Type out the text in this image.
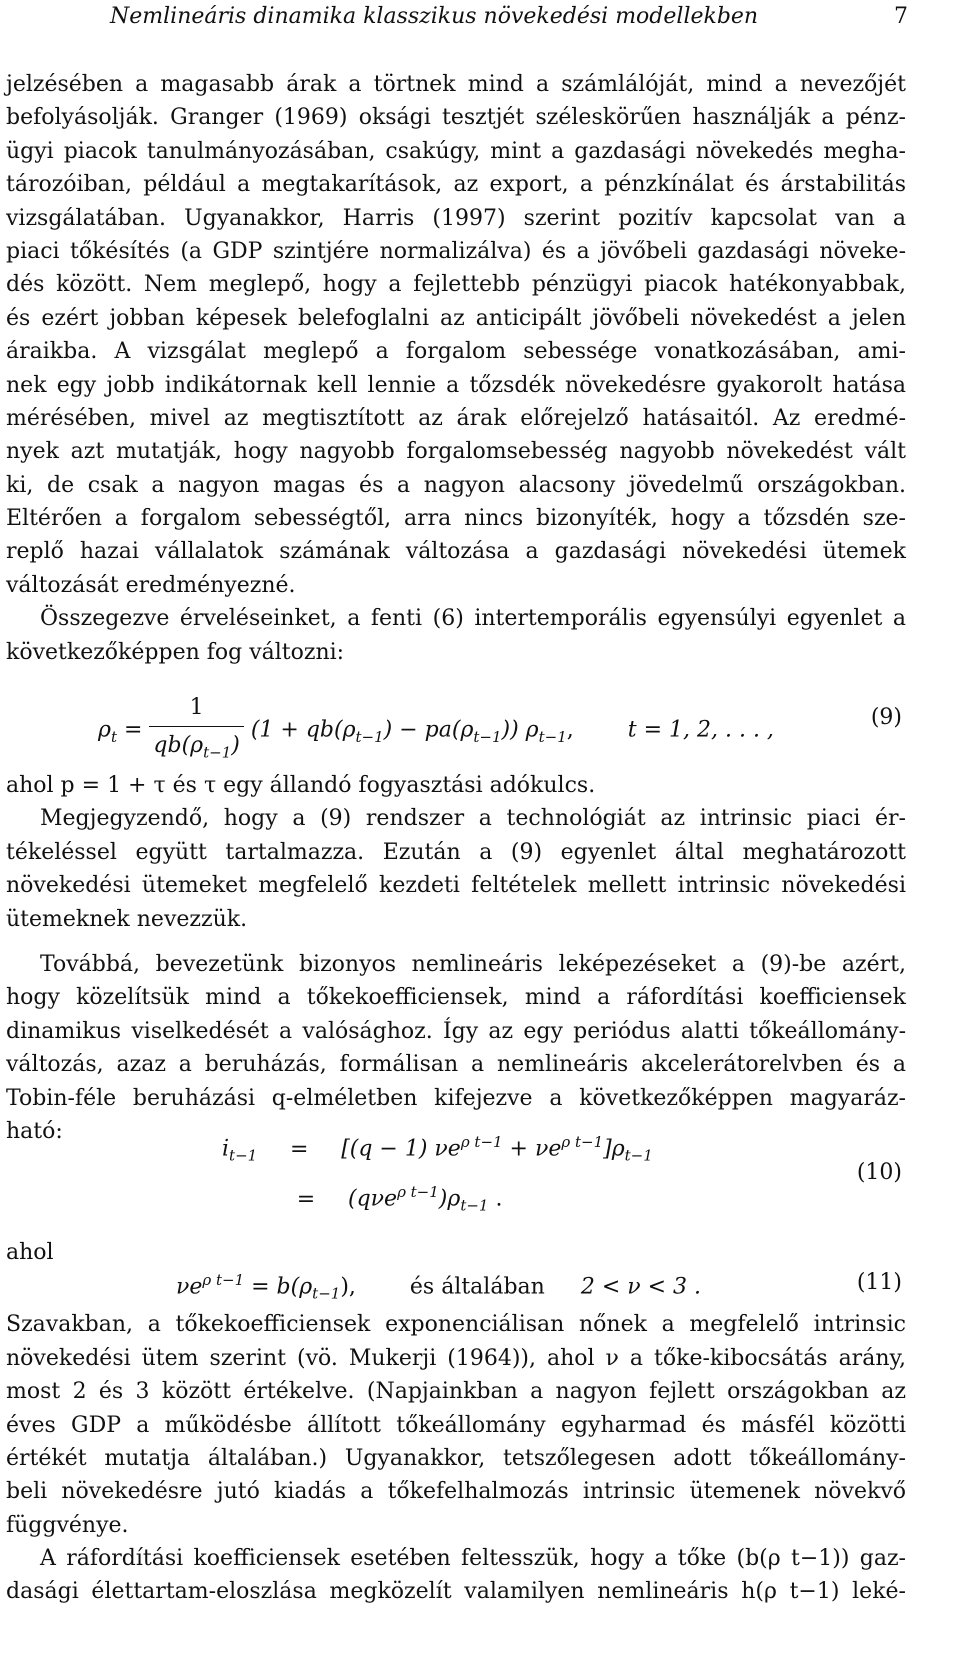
Nemlineáris dinamika klasszikus növekedési modellekben	7
jelzésében a magasabb árak a törtnek mind a számlálóját, mind a nevezőjét
befolyásolják. Granger (1969) oksági tesztjét széleskörűen használják a pénz-
ügyi piacok tanulmányozásában, csakúgy, mint a gazdasági növekedés megha-
tározóiban, például a megtakarítások, az export, a pénzkínálat és árstabilitás
vizsgálatában. Ugyanakkor, Harris (1997) szerint pozitív kapcsolat van a
piaci tőkésítés (a GDP szintjére normalizálva) és a jövőbeli gazdasági növeke-
dés között. Nem meglepő, hogy a fejlettebb pénzügyi piacok hatékonyabbak,
és ezért jobban képesek belefoglalni az anticipált jövőbeli növekedést a jelen
áraikba. A vizsgálat meglepő a forgalom sebessége vonatkozásában, ami-
nek egy jobb indikátornak kell lennie a tőzsdék növekedésre gyakorolt hatása
mérésében, mivel az megtisztított az árak előrejelző hatásaitól. Az eredmé-
nyek azt mutatják, hogy nagyobb forgalomsebesség nagyobb növekedést vált
ki, de csak a nagyon magas és a nagyon alacsony jövedelmű országokban.
Eltérően a forgalom sebességtől, arra nincs bizonyíték, hogy a tőzsdén sze-
replő hazai vállalatok számának változása a gazdasági növekedési ütemek
változását eredményezné.
Összegezve érveléseinket, a fenti (6) intertemporális egyensúlyi egyenlet a
következőképpen fog változni:
$\rho_t = \frac{1}{qb(\rho_{t-1})} (1 + qb(\rho_{t-1}) - pa(\rho_{t-1}))$ $\rho_{t-1}$, t = 1, 2, . . . ,
(9)
ahol p = 1 + τ és τ egy állandó fogyasztási adókulcs.
Megjegyzendő, hogy a (9) rendszer a technológiát az intrinsic piaci ér-
tékeléssel együtt tartalmazza. Ezután a (9) egyenlet által meghatározott
növekedési ütemeket megfelelő kezdeti feltételek mellett intrinsic növekedési
ütemeknek nevezzük.
Továbbá, bevezetünk bizonyos nemlineáris leképezéseket a (9)-be azért,
hogy közelítsük mind a tőkekoefficiensek, mind a ráfordítási koefficiensek
dinamikus viselkedését a valósághoz. Így az egy periódus alatti tőkeállomány-
változás, azaz a beruházás, formálisan a nemlineáris akcelerátorelvben és a
Tobin-féle beruházási q-elméletben kifejezve a következőképpen magyaráz-
ható:
$i_{t-1} = [(q - 1) \nu e^{\rho t-1} + \nu e^{\rho t-1}]\rho_{t-1}$
= $(q\nu e^{\rho t-1})\rho_{t-1}$ .
(10)
ahol
$\nu e^{\rho t-1} = b(\rho_{t-1})$, és általában 2 < ν < 3 .	(11)
Szavakban, a tőkekoefficiensek exponenciálisan nőnek a megfelelő intrinsic
növekedési ütem szerint (vö. Mukerji (1964)), ahol ν a tőke-kibocsátás arány,
most 2 és 3 között értékelve. (Napjainkban a nagyon fejlett országokban az
éves GDP a működésbe állított tőkeállomány egyharmad és másfél közötti
értékét mutatja általában.) Ugyanakkor, tetszőlegesen adott tőkeállomány-
beli növekedésre jutó kiadás a tőkefelhalmozás intrinsic ütemenek növekvő
függvénye.
A ráfordítási koefficiensek esetében feltesszük, hogy a tőke (b(ρ t−1)) gaz-
dasági élettartam-eloszlása megközelít valamilyen nemlineáris h(ρ t−1) leké-
